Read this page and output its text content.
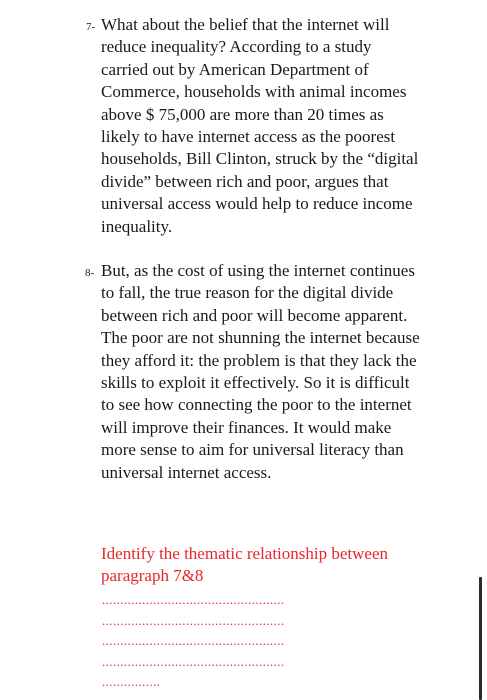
7- What about the belief that the internet will reduce inequality? According to a study carried out by American Department of Commerce, households with animal incomes above $ 75,000 are more than 20 times as likely to have internet access as the poorest households, Bill Clinton, struck by the “digital divide” between rich and poor, argues that universal access would help to reduce income inequality.
8- But, as the cost of using the internet continues to fall, the true reason for the digital divide between rich and poor will become apparent. The poor are not shunning the internet because they afford it: the problem is that they lack the skills to exploit it effectively. So it is difficult to see how connecting the poor to the internet will improve their finances. It would make more sense to aim for universal literacy than universal internet access.
Identify the thematic relationship between paragraph 7&8
..................................................
..................................................
..................................................
..................................................
................
